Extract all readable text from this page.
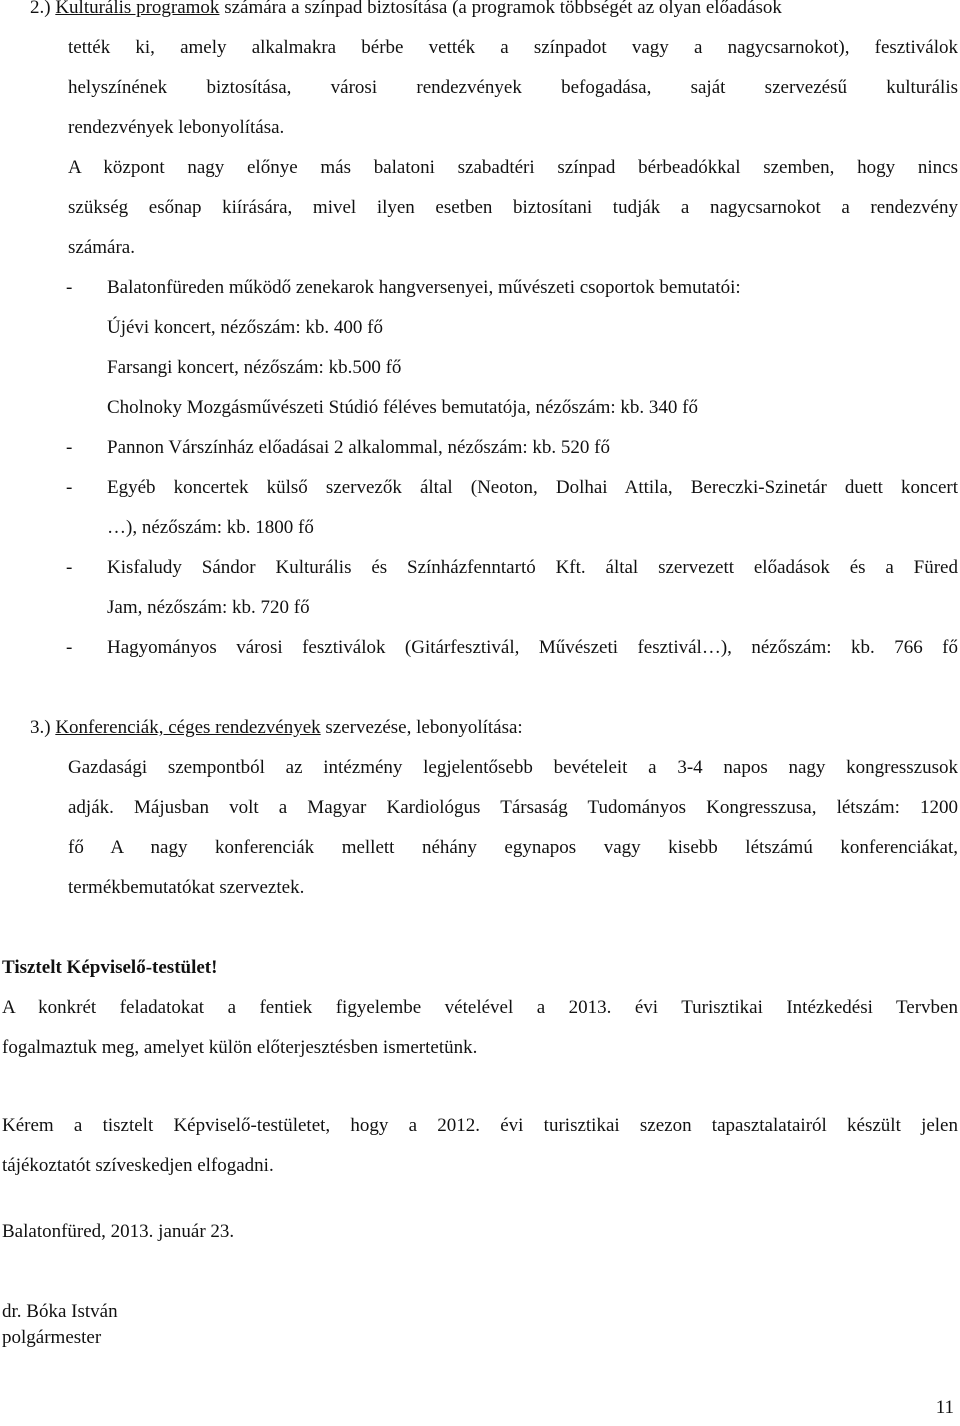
2.) Kulturális programok számára a színpad biztosítása (a programok többségét az olyan előadások
tették ki, amely alkalmakra bérbe vették a színpadot vagy a nagycsarnokot), fesztiválok
helyszínének biztosítása, városi rendezvények befogadása, saját szervezésű kulturális
rendezvények lebonyolítása.
A központ nagy előnye más balatoni szabadtéri színpad bérbeadókkal szemben, hogy nincs
szükség esőnap kiírására, mivel ilyen esetben biztosítani tudják a nagycsarnokot a rendezvény
számára.
- Balatonfüreden működő zenekarok hangversenyei, művészeti csoportok bemutatói:
Újévi koncert, nézőszám: kb. 400 fő
Farsangi koncert, nézőszám: kb.500 fő
Cholnoky Mozgásművészeti Stúdió féléves bemutatója, nézőszám: kb. 340 fő
- Pannon Várszínház előadásai 2 alkalommal, nézőszám: kb. 520 fő
- Egyéb koncertek külső szervezők által (Neoton, Dolhai Attila, Bereczki-Szinetár duett koncert
…), nézőszám: kb. 1800 fő
- Kisfaludy Sándor Kulturális és Színházfenntartó Kft. által szervezett előadások és a Füred
Jam, nézőszám: kb. 720 fő
- Hagyományos városi fesztiválok (Gitárfesztivál, Művészeti fesztivál…), nézőszám: kb. 766 fő
3.) Konferenciák, céges rendezvények szervezése, lebonyolítása:
Gazdasági szempontból az intézmény legjelentősebb bevételeit a 3-4 napos nagy kongresszusok
adják. Májusban volt a Magyar Kardiológus Társaság Tudományos Kongresszusa, létszám: 1200
fő A nagy konferenciák mellett néhány egynapos vagy kisebb létszámú konferenciákat,
termékbemutatókat szerveztek.
Tisztelt Képviselő-testület!
A konkrét feladatokat a fentiek figyelembe vételével a 2013. évi Turisztikai Intézkedési Tervben
fogalmaztuk meg, amelyet külön előterjesztésben ismertetünk.
Kérem a tisztelt Képviselő-testületet, hogy a 2012. évi turisztikai szezon tapasztalatairól készült jelen
tájékoztatót szíveskedjen elfogadni.
Balatonfüred, 2013. január 23.
dr. Bóka István
polgármester
11
